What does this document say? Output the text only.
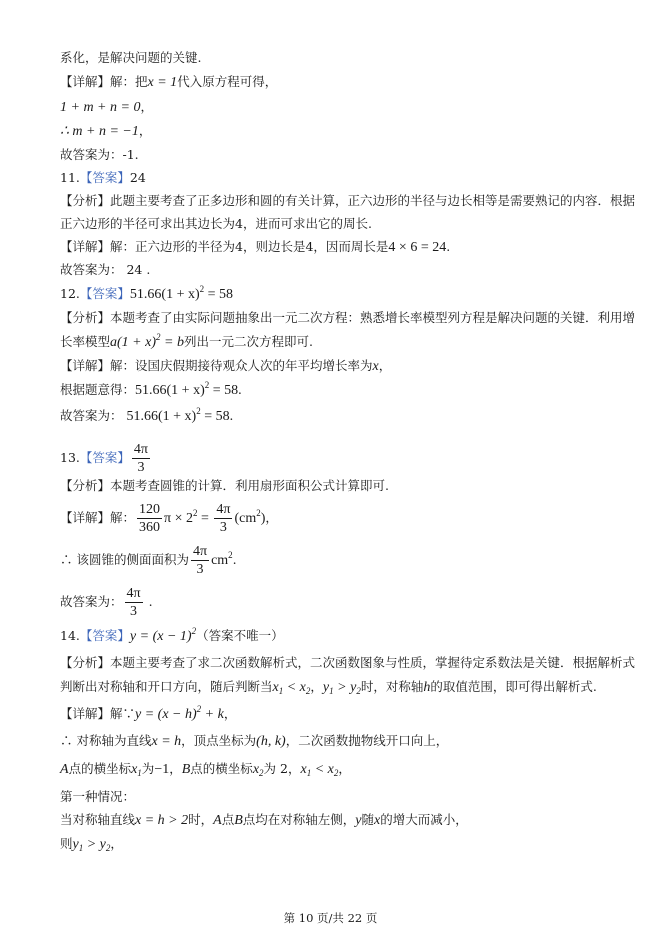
系化，是解决问题的关键.
【详解】解：把x = 1代入原方程可得，
1 + m + n = 0，
∴ m + n = −1，
故答案为：-1.
11.【答案】24
【分析】此题主要考查了正多边形和圆的有关计算，正六边形的半径与边长相等是需要熟记的内容．根据
正六边形的半径可求出其边长为4，进而可求出它的周长.
【详解】解：正六边形的半径为4，则边长是4，因而周长是4 × 6 = 24.
故答案为： 24 .
12.【答案】$51.66(1 + x)^2 = 58$
【分析】本题考查了由实际问题抽象出一元二次方程：熟悉增长率模型列方程是解决问题的关键．利用增
长率模型$a(1 + x)^2 = b$列出一元二次方程即可.
【详解】解：设国庆假期接待观众人次的年平均增长率为x，
根据题意得：$51.66(1 + x)^2 = 58$.
故答案为： $51.66(1 + x)^2 = 58$.
13.【答案】 $\frac{4\pi}{3}$
【分析】本题考查圆锥的计算．利用扇形面积公式计算即可.
【详解】解： $\frac{120}{360}$ $\pi \times 2^2 = \frac{4\pi}{3} (cm^2)$，
∴ 该圆锥的侧面面积为 $\frac{4\pi}{3} cm^2$.
故答案为： $\frac{4\pi}{3}$ .
14.【答案】$y = (x - 1)^2$（答案不唯一）
【分析】本题主要考查了求二次函数解析式，二次函数图象与性质，掌握待定系数法是关键．根据解析式
判断出对称轴和开口方向，随后判断当$x_1 < x_2$，$y_1 > y_2$时，对称轴h的取值范围，即可得出解析式.
【详解】解∵y = $(x - h)^2 + k$，
∴ 对称轴为直线x = h，顶点坐标为(h, k)，二次函数抛物线开口向上，
A点的横坐标$x_1$为−1，B点的横坐标$x_2$为 2，$x_1 < x_2$，
第一种情况：
当对称轴直线x = h > 2时，A点B点均在对称轴左侧，y随x的增大而减小，
则$y_1 > y_2$，
第 10 页/共 22 页
